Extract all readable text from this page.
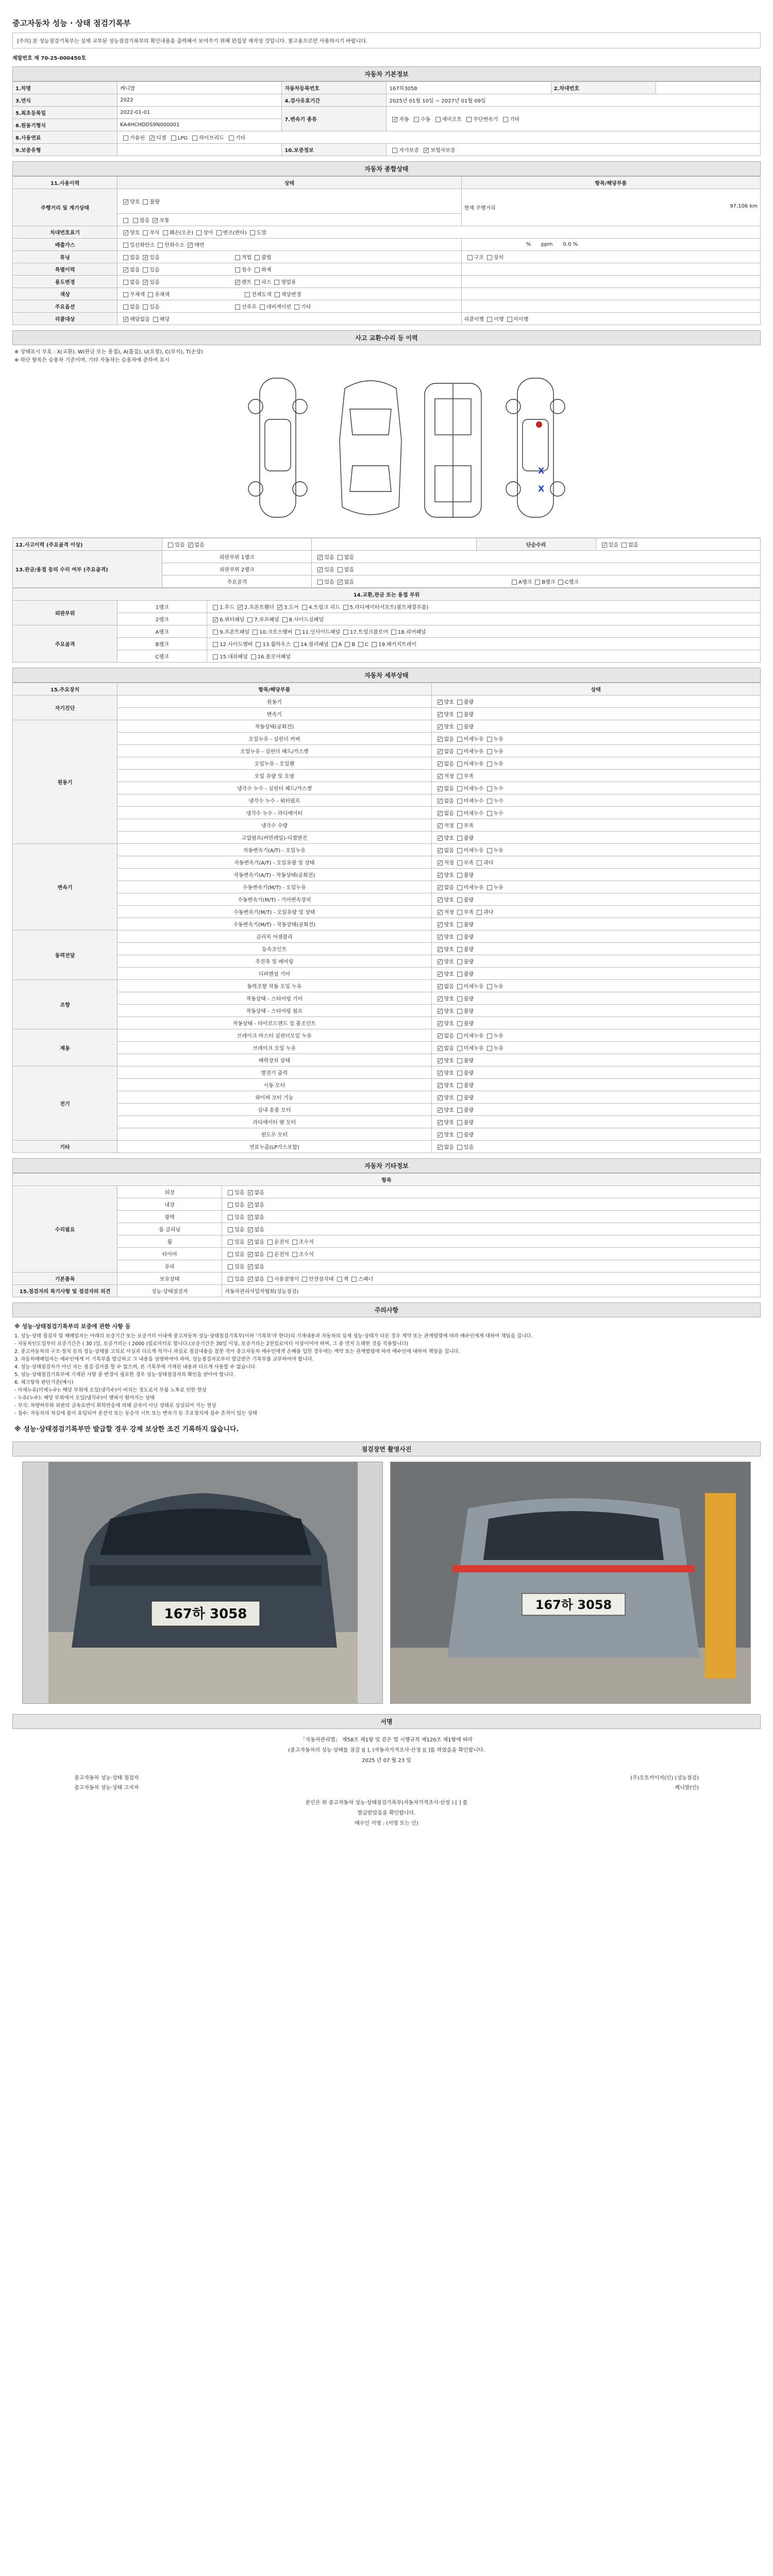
중고자동차 성능 · 상태 점검기록부
[주의] 본 성능점검기록부는 실제 교부된 성능점검기록부의 확인내용을 출력해서 보여주기 위해 편집상 재작성 것입니다. 참고용으로만 사용하시기 바랍니다.
제발번호 제 70-25-000450호
자동차 기본정보
1.차명	케니발	자동차등록번호	167하3058	2.차대번호	
3.연식	2022	4.검사유효기간	2025년 01월 10일 ~ 2027년 01월 09일		
5.최초등록일	2022-01-01	7.변속기 종류	✓자동 수동 세미오토 무단변속기 기타
6.원동기형식	KA4HCHDDS9N000001				
8.사용연료	가솔린 ✓ 디젤 LPG 하이브리드 기타
9.보증유형		10.보증정보	자가보증 ✓ 보험사보증
자동차 종합상태
11.사용이력	상태	항목/해당부품
주행거리 및 계기상태	✓양호 불량	현재 주행거리 97,106 km

	많음 ✓ 보통
차대번호표기	✓양호 부식 훼손(오손) 상이 변조(변타) 도말
배출가스	일산화탄소 탄화수소 ✓ 매연	% ppm 0.0 %
튜닝	없음 ✓ 있음 적법 불법	구조 장치
특별이력	✓없음 있음 침수 화재	
용도변경	없음 ✓ 있음 ✓ 렌트 리스 영업용	
색상	무채색 유채색 전체도색 색상변경	
주요옵션	없음 있음 선루프 네비게이션 기타	
리콜대상	✓해당없음 해당	리콜이행 이행 미이행
사고 교환·수리 등 이력
※ 상태표시 부호 : X(교환), W(판금 또는 용접), A(흠집), U(요철), C(부식), T(손상)
※ 하단 항목은 승용차 기준이며, 기타 자동차는 승용차에 준하여 표시
X
X
12.사고이력 (주요골격 이상)	있음 ✓ 없음		단순수리	✓있음 없음
13.판금/용접 등의 수리 여부 (주요골격)	외판부위 1랭크	✓있음 없음
	외판부위 2랭크	✓있음 없음
	주요골격	있음 ✓ 없음 A랭크 B랭크 C랭크
14.교환,판금 또는 용접 부위		
외판부위	1랭크	1.후드 ✓ 2.프론트휀더 ✓ 3.도어 4.트렁크 리드 5.라디에이터서포트(볼트체결부품)
	2랭크	✓6.쿼터패널 7.루프패널 8.사이드실패널
주요골격	A랭크	9.프론트패널 10.크로스멤버 11.인사이드패널 17.트렁크플로어 18.리어패널
	B랭크	12.사이드멤버 13.휠하우스 14.필러패널 A B C 19.패키지트레이
	C랭크	15.대쉬패널 16.플로어패널
자동차 세부상태
15.주요장치	항목/해당부품	상태
자기진단	원동기	✓양호 불량
	변속기	✓양호 불량
원동기	작동상태(공회전)	✓양호 불량
	오일누유 - 실린더 커버	✓없음 미세누유 누유
	오일누유 - 실린더 헤드/가스켓	✓없음 미세누유 누유
	오일누유 - 오일팬	✓없음 미세누유 누유
	오일 유량 및 오염	✓적정 부족
	냉각수 누수 - 실린더 헤드/가스켓	✓없음 미세누수 누수
	냉각수 누수 - 워터펌프	✓없음 미세누수 누수
	냉각수 누수 - 라디에이터	✓없음 미세누수 누수
	냉각수 수량	✓적정 부족
	고압펌프(커먼레일)-디젤엔진	✓양호 불량
변속기	자동변속기(A/T) - 오일누유	✓없음 미세누유 누유
	자동변속기(A/T) - 오일유량 및 상태	✓적정 부족 과다
	자동변속기(A/T) - 작동상태(공회전)	✓양호 불량
	수동변속기(M/T) - 오일누유	✓없음 미세누유 누유
	수동변속기(M/T) - 기어변속장치	✓양호 불량
	수동변속기(M/T) - 오일유량 및 상태	✓적정 부족 과다
	수동변속기(M/T) - 작동상태(공회전)	✓양호 불량
동력전달	클러치 어셈블리	✓양호 불량
	등속조인트	✓양호 불량
	추진축 및 베어링	✓양호 불량
	디퍼렌셜 기어	✓양호 불량
조향	동력조향 작동 오일 누유	✓없음 미세누유 누유
	작동상태 - 스티어링 기어	✓양호 불량
	작동상태 - 스티어링 펌프	✓양호 불량
	작동상태 - 타이로드엔드 및 볼조인트	✓양호 불량
제동	브레이크 마스터 실린더오일 누유	✓없음 미세누유 누유
	브레이크 오일 누유	✓없음 미세누유 누유
	배력장치 상태	✓양호 불량
전기	발전기 출력	✓양호 불량
	시동 모터	✓양호 불량
	와이퍼 모터 기능	✓양호 불량
	실내 송풍 모터	✓양호 불량
	라디에이터 팬 모터	✓양호 불량
	윈도우 모터	✓양호 불량
기타	연료누출(LP가스포함)	✓없음 있음
자동차 기타정보
항목		
수리필요	외장	있음 ✓ 없음
	내장	있음 ✓ 없음
	광택	있음 ✓ 없음
	룸 클리닝	있음 ✓ 없음
	휠	있음 ✓ 없음 운전석 조수석
	타이어	있음 ✓ 없음 운전석 조수석
	유리	있음 ✓ 없음
기본품목	보유상태	있음 ✓ 없음 사용설명서 안전삼각대 잭 스패너
15.점검자의 특기사항 및 점검자의 의견	성능·상태점검자	자동차관리사업자협회(성능점검)
주의사항
※ 성능·상태점검기록부의 보증에 관한 사항 등
1. 성능·상태 점검자 및 매매업자는 아래의 보증기간 또는 보증거리 이내에 중고자동차 성능·상태점검기록부(이하 '기록부'라 한다)의 기재내용과 자동차의 실제 성능·상태가 다른 경우 계약 또는 관계법령에 따라 매수인에게 대하여 책임을 집니다.
- 자동차인도일부터 보증기간은 ( 30 )일, 보증거리는 ( 2000 )킬로미터로 합니다.(보증기간은 30일 이상, 보증거리는 2천킬로미터 이상이어야 하며, 그 중 먼저 도래한 것을 적용합니다)
2. 중고자동차의 구조·장치 등의 성능·상태를 고의로 사실과 다르게 적거나 과실로 점검내용을 잘못 적어 중고자동차 매수인에게 손해를 입힌 경우에는 계약 또는 관계법령에 따라 매수인에 대하여 책임을 집니다.
3. 자동차매매업자는 매수인에게 이 기록부를 발급하고 그 내용을 설명하여야 하며, 성능점검자로부터 발급받은 기록부를 교부하여야 합니다.
4. 성능·상태점검자가 아닌 자는 점검·검사를 할 수 없으며, 본 기록부에 기재된 내용과 다르게 사용할 수 없습니다.
5. 성능·상태점검기록부에 기재된 사항 중 변경이 필요한 경우 성능·상태점검자의 확인을 받아야 합니다.
6. 체크항목 판단기준(예시)
- 미세누유(미세누수): 해당 부위에 오일(냉각수)이 비치는 정도로서 부품 노후로 인한 현상
- 누유(누수): 해당 부위에서 오일(냉각수)이 맺혀서 떨어지는 상태
- 부식: 차량하부와 외판의 금속표면이 화학반응에 의해 금속이 아닌 상태로 상실되어 가는 현상
- 침수: 자동차의 차실에 물이 유입되어 운전석 또는 동승석 시트 또는 변속기 등 주요장치에 침수 흔적이 있는 상태
※ 성능·상태점검기록부만 발급할 경우 강제 보상한 조건 기록하지 않습니다.
점검장면 촬영사진
167하 3058
167하 3058
서명
「자동차관리법」 제58조 제1항 및 같은 법 시행규칙 제120조 제1항에 따라
(중고자동차의 성능·상태를 점검 )[ ], (자동차가격조사·산정 )[ ]를 하였음을 확인합니다.
2025 년 07 월 23 일
중고자동차 성능·상태 점검자	(주)오토카이저(인) (성능점검)
중고자동차 성능·상태 고지자	케니발(인)
본인은 위 중고자동차 성능·상태점검기록부(자동차가격조사·산정 ) [ ] 를
발급받았음을 확인합니다.
매수인 서명 : (서명 또는 인)
